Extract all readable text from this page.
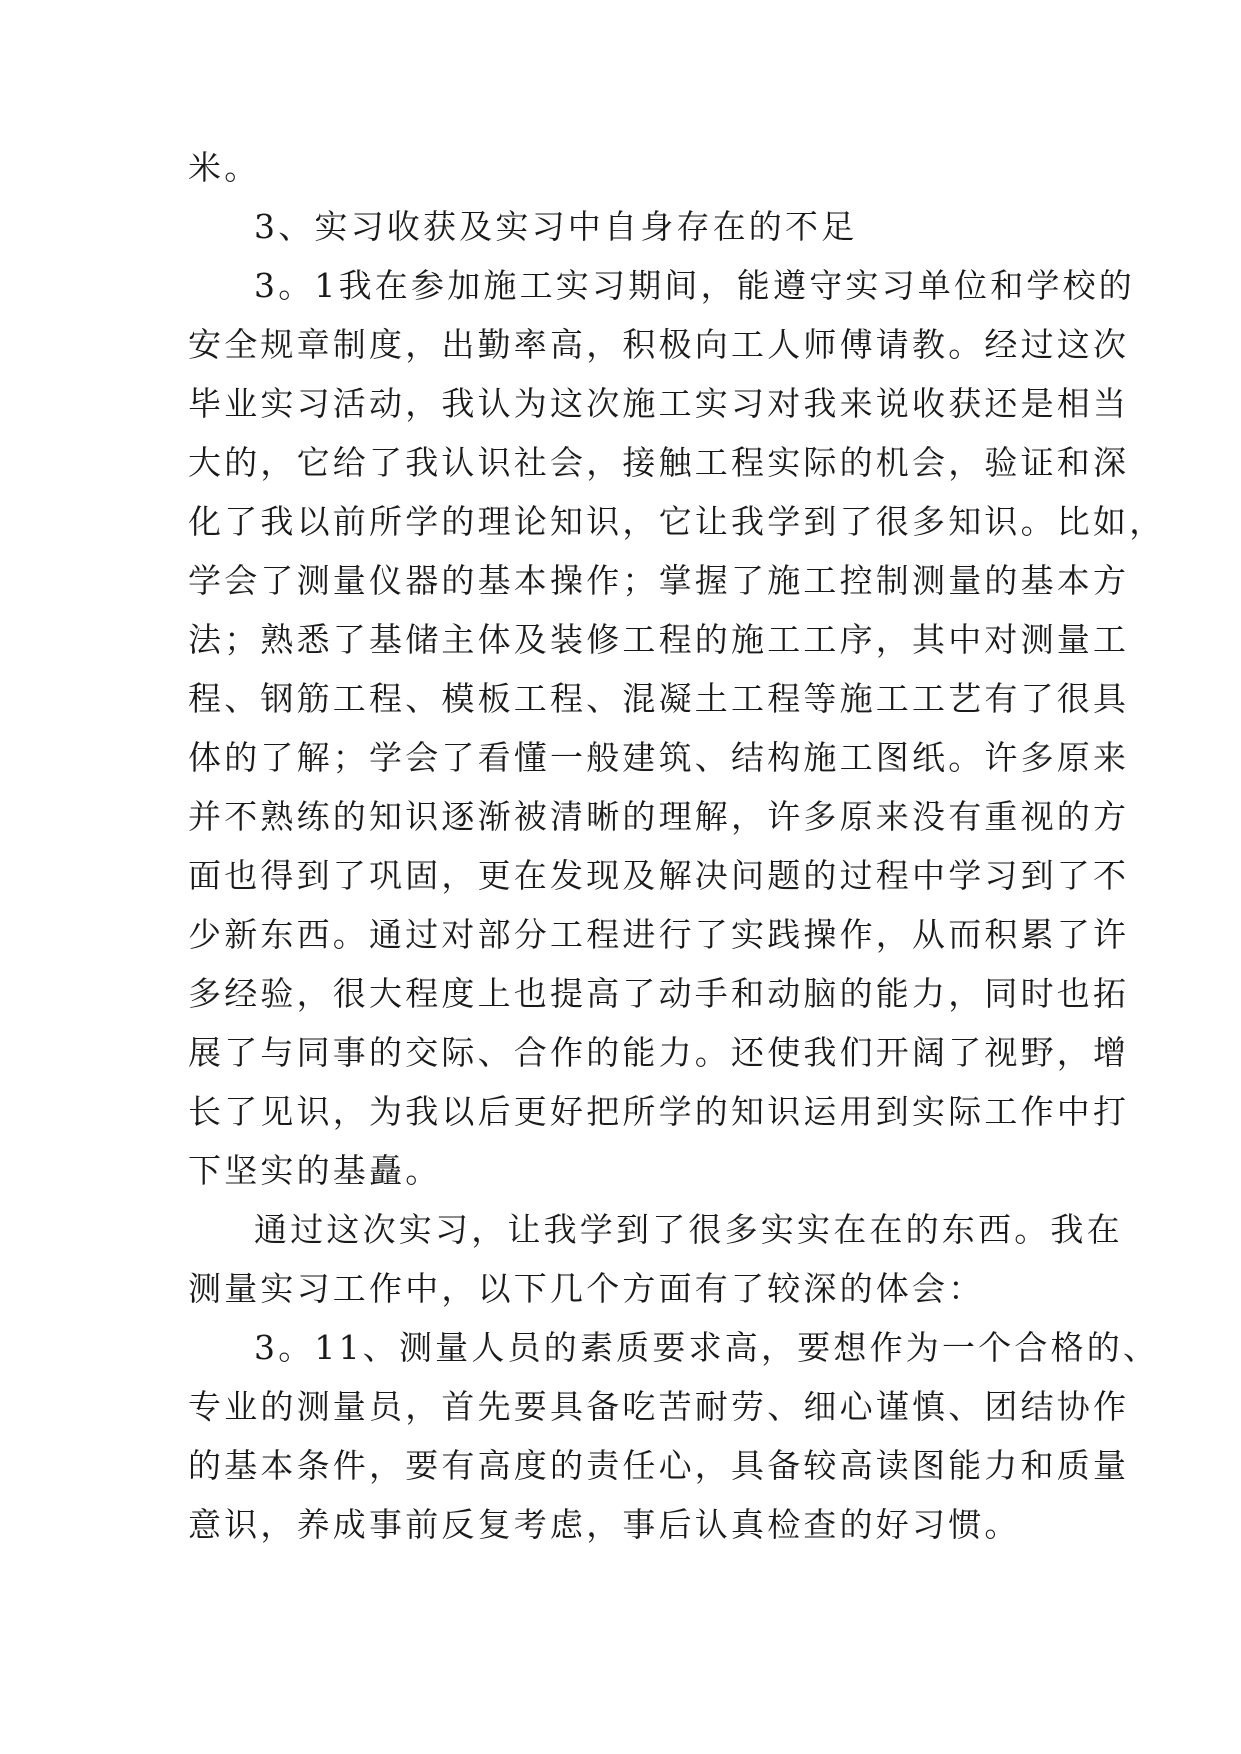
米。
3、实习收获及实习中自身存在的不足
3。1我在参加施工实习期间，能遵守实习单位和学校的
安全规章制度，出勤率高，积极向工人师傅请教。经过这次
毕业实习活动，我认为这次施工实习对我来说收获还是相当
大的，它给了我认识社会，接触工程实际的机会，验证和深
化了我以前所学的理论知识，它让我学到了很多知识。比如，
学会了测量仪器的基本操作；掌握了施工控制测量的基本方
法；熟悉了基储主体及装修工程的施工工序，其中对测量工
程、钢筋工程、模板工程、混凝土工程等施工工艺有了很具
体的了解；学会了看懂一般建筑、结构施工图纸。许多原来
并不熟练的知识逐渐被清晰的理解，许多原来没有重视的方
面也得到了巩固，更在发现及解决问题的过程中学习到了不
少新东西。通过对部分工程进行了实践操作，从而积累了许
多经验，很大程度上也提高了动手和动脑的能力，同时也拓
展了与同事的交际、合作的能力。还使我们开阔了视野，增
长了见识，为我以后更好把所学的知识运用到实际工作中打
下坚实的基矗。
通过这次实习，让我学到了很多实实在在的东西。我在
测量实习工作中，以下几个方面有了较深的体会：
3。11、测量人员的素质要求高，要想作为一个合格的、
专业的测量员，首先要具备吃苦耐劳、细心谨慎、团结协作
的基本条件，要有高度的责任心，具备较高读图能力和质量
意识，养成事前反复考虑，事后认真检查的好习惯。
